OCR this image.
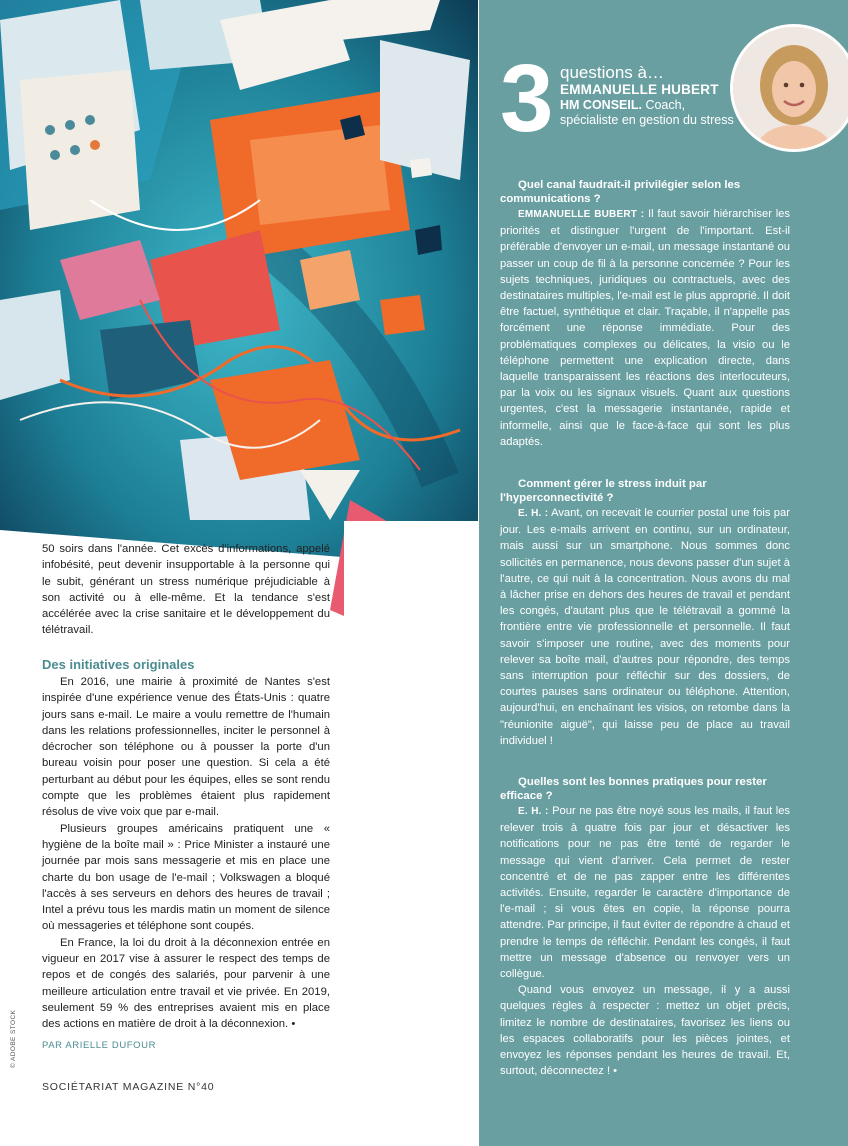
3 questions à…
EMMANUELLE HUBERT
HM CONSEIL. Coach,
spécialiste en gestion du stress
Quel canal faudrait-il privilégier selon les communications ?

EMMANUELLE BUBERT : Il faut savoir hiérarchiser les priorités et distinguer l'urgent de l'important. Est-il préférable d'envoyer un e-mail, un message instantané ou passer un coup de fil à la personne concernée ? Pour les sujets techniques, juridiques ou contractuels, avec des destinataires multiples, l'e-mail est le plus approprié. Il doit être factuel, synthétique et clair. Traçable, il n'appelle pas forcément une réponse immédiate. Pour des problématiques complexes ou délicates, la visio ou le téléphone permettent une explication directe, dans laquelle transparaissent les réactions des interlocuteurs, par la voix ou les signaux visuels. Quant aux questions urgentes, c'est la messagerie instantanée, rapide et informelle, ainsi que le face-à-face qui sont les plus adaptés.

Comment gérer le stress induit par l'hyperconnectivité ?

E. H. : Avant, on recevait le courrier postal une fois par jour. Les e-mails arrivent en continu, sur un ordinateur, mais aussi sur un smartphone. Nous sommes donc sollicités en permanence, nous devons passer d'un sujet à l'autre, ce qui nuit à la concentration. Nous avons du mal à lâcher prise en dehors des heures de travail et pendant les congés, d'autant plus que le télétravail a gommé la frontière entre vie professionnelle et personnelle. Il faut savoir s'imposer une routine, avec des moments pour relever sa boîte mail, d'autres pour répondre, des temps sans interruption pour réfléchir sur des dossiers, de courtes pauses sans ordinateur ou téléphone. Attention, aujourd'hui, en enchaînant les visios, on retombe dans la "réunionite aiguë", qui laisse peu de place au travail individuel !

Quelles sont les bonnes pratiques pour rester efficace ?

E. H. : Pour ne pas être noyé sous les mails, il faut les relever trois à quatre fois par jour et désactiver les notifications pour ne pas être tenté de regarder le message qui vient d'arriver. Cela permet de rester concentré et de ne pas zapper entre les différentes activités. Ensuite, regarder le caractère d'importance de l'e-mail ; si vous êtes en copie, la réponse pourra attendre. Par principe, il faut éviter de répondre à chaud et prendre le temps de réfléchir. Pendant les congés, il faut mettre un message d'absence ou renvoyer vers un collègue.

Quand vous envoyez un message, il y a aussi quelques règles à respecter : mettez un objet précis, limitez le nombre de destinataires, favorisez les liens ou les espaces collaboratifs pour les pièces jointes, et envoyez les réponses pendant les heures de travail. Et, surtout, déconnectez ! •

50 soirs dans l'année. Cet excès d'informations, appelé infobésité, peut devenir insupportable à la personne qui le subit, générant un stress numérique préjudiciable à son activité ou à elle-même. Et la tendance s'est accélérée avec la crise sanitaire et le développement du télétravail.

Des initiatives originales

En 2016, une mairie à proximité de Nantes s'est inspirée d'une expérience venue des États-Unis : quatre jours sans e-mail. Le maire a voulu remettre de l'humain dans les relations professionnelles, inciter le personnel à décrocher son téléphone ou à pousser la porte d'un bureau voisin pour poser une question. Si cela a été perturbant au début pour les équipes, elles se sont rendu compte que les problèmes étaient plus rapidement résolus de vive voix que par e-mail.

Plusieurs groupes américains pratiquent une « hygiène de la boîte mail » : Price Minister a instauré une journée par mois sans messagerie et mis en place une charte du bon usage de l'e-mail ; Volkswagen a bloqué l'accès à ses serveurs en dehors des heures de travail ; Intel a prévu tous les mardis matin un moment de silence où messageries et téléphone sont coupés.

En France, la loi du droit à la déconnexion entrée en vigueur en 2017 vise à assurer le respect des temps de repos et de congés des salariés, pour parvenir à une meilleure articulation entre travail et vie privée. En 2019, seulement 59 % des entreprises avaient mis en place des actions en matière de droit à la déconnexion. •

PAR ARIELLE DUFOUR
© ADOBE STOCK
SOCIÉTARIAT MAGAZINE N°40
